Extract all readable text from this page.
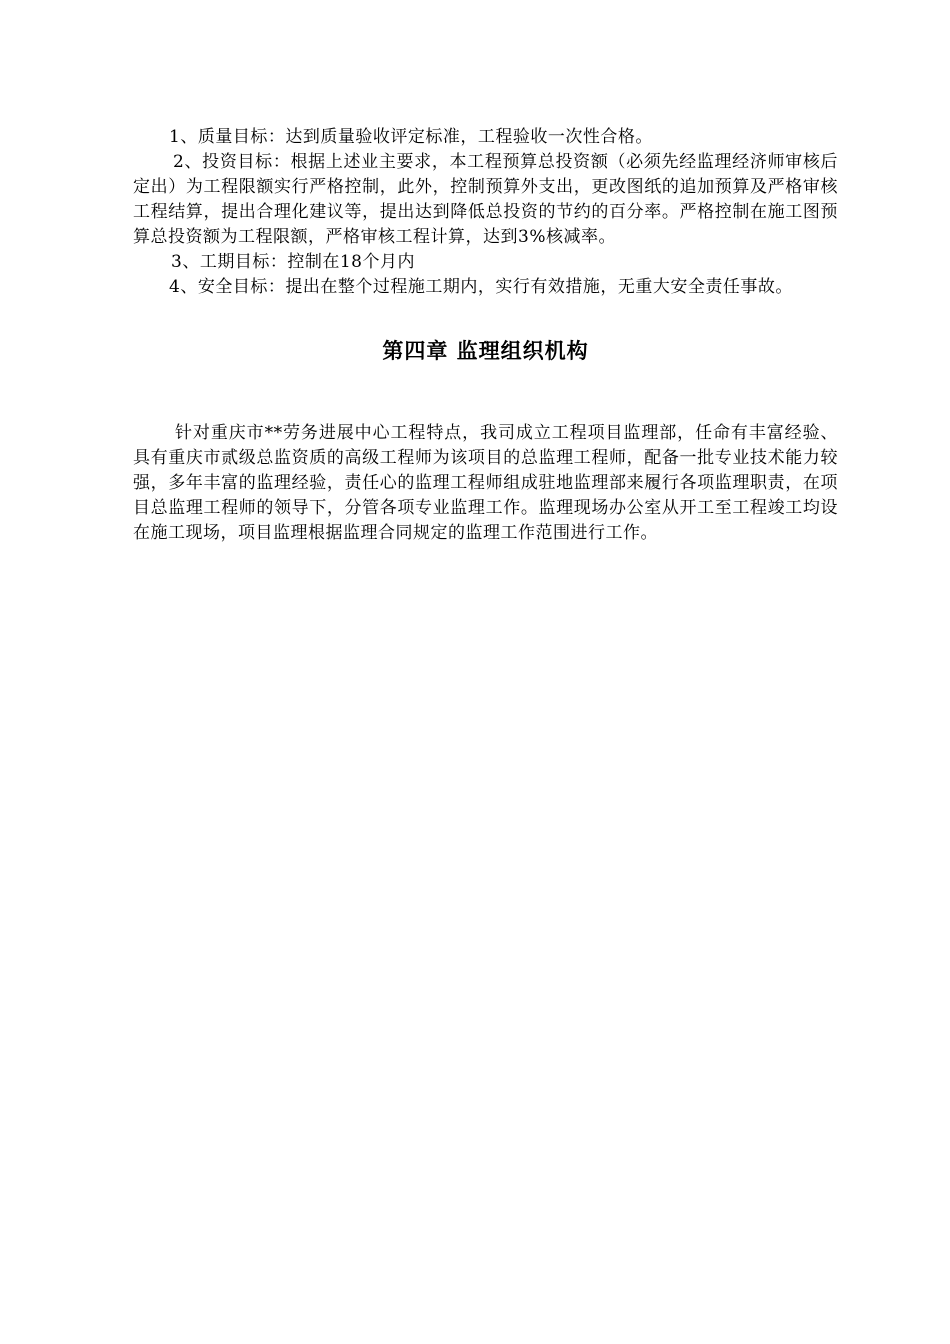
1、质量目标：达到质量验收评定标准，工程验收一次性合格。

2、投资目标：根据上述业主要求，本工程预算总投资额（必须先经监理经济师审核后定出）为工程限额实行严格控制，此外，控制预算外支出，更改图纸的追加预算及严格审核工程结算，提出合理化建议等，提出达到降低总投资的节约的百分率。严格控制在施工图预算总投资额为工程限额，严格审核工程计算，达到3%核减率。

3、工期目标：控制在18个月内

4、安全目标：提出在整个过程施工期内，实行有效措施，无重大安全责任事故。

第四章 监理组织机构

针对重庆市**劳务进展中心工程特点，我司成立工程项目监理部，任命有丰富经验、具有重庆市贰级总监资质的高级工程师为该项目的总监理工程师，配备一批专业技术能力较强，多年丰富的监理经验，责任心的监理工程师组成驻地监理部来履行各项监理职责，在项目总监理工程师的领导下，分管各项专业监理工作。监理现场办公室从开工至工程竣工均设在施工现场，项目监理根据监理合同规定的监理工作范围进行工作。
